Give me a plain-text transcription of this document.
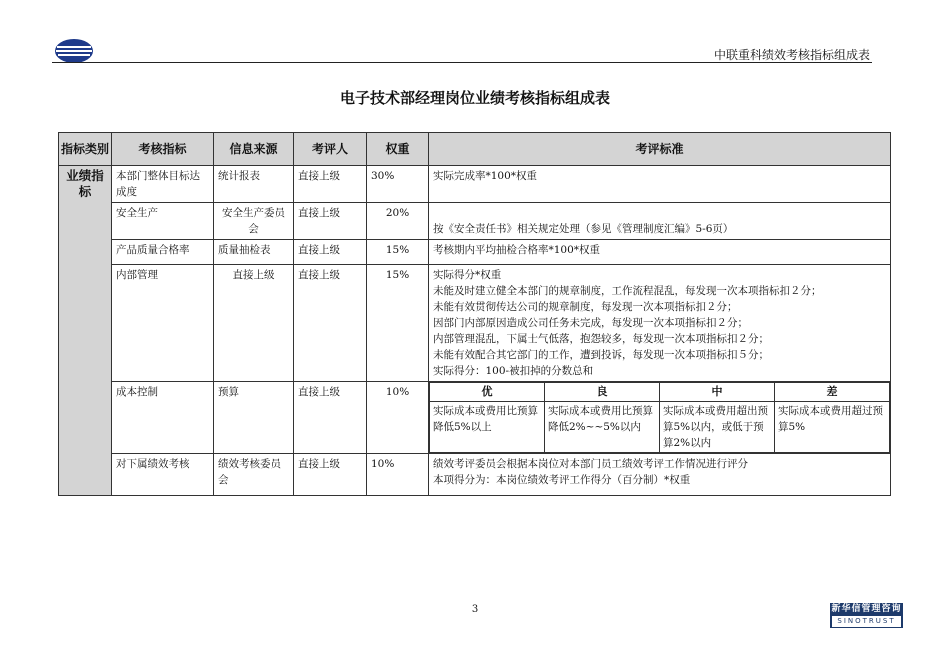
中联重科绩效考核指标组成表
电子技术部经理岗位业绩考核指标组成表
指标类别	考核指标	信息来源	考评人	权重	考评标准
业绩指标	本部门整体目标达成度	统计报表	直接上级	30%	实际完成率*100*权重
安全生产	安全生产委员会	直接上级	20%	按《安全责任书》相关规定处理（参见《管理制度汇编》5-6页）
产品质量合格率	质量抽检表	直接上级	15%	考核期内平均抽检合格率*100*权重
内部管理	直接上级	直接上级	15%	实际得分*权重
未能及时建立健全本部门的规章制度，工作流程混乱，每发现一次本项指标扣２分；
未能有效贯彻传达公司的规章制度，每发现一次本项指标扣２分；
因部门内部原因造成公司任务未完成，每发现一次本项指标扣２分；
内部管理混乱，下属士气低落，抱怨较多，每发现一次本项指标扣２分；
未能有效配合其它部门的工作，遭到投诉，每发现一次本项指标扣５分；
实际得分：100-被扣掉的分数总和

成本控制	预算	直接上级	10%		优	良	中	差
实际成本或费用比预算降低5%以上	实际成本或费用比预算降低2%~~5%以内	实际成本或费用超出预算5%以内，或低于预算2%以内	实际成本或费用超过预算5%

对下属绩效考核	绩效考核委员会	直接上级	10%	绩效考评委员会根据本岗位对本部门员工绩效考评工作情况进行评分
本项得分为：本岗位绩效考评工作得分（百分制）*权重
3	新华信管理咨询
SINOTRUST
